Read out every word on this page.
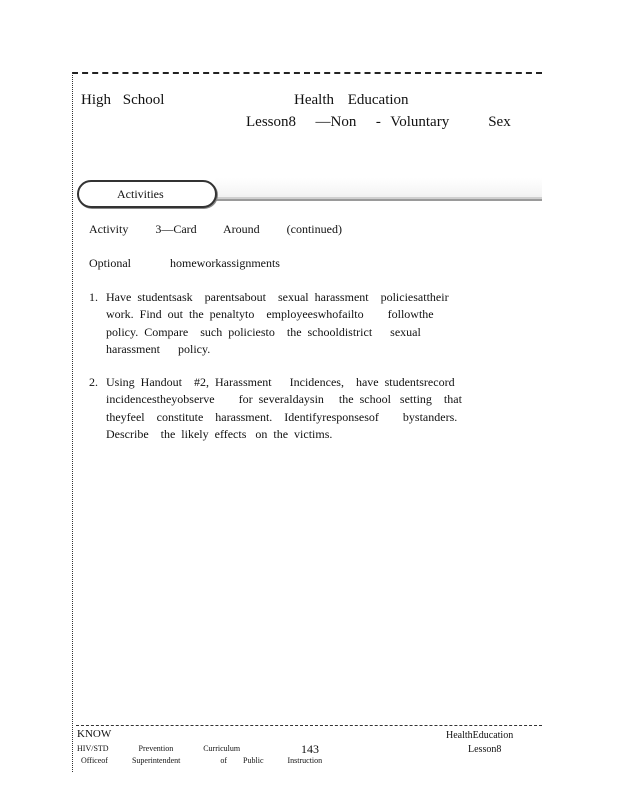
High School	Health Education
Lesson8  —Non  - Voluntary    Sex
Activities
Activity   3—Card   Around   (continued)
Optional   homeworkassignments
1. Have  studentsask    parentsabout    sexual  harassment    policiesattheir
work.  Find  out  the  penaltyto    employeeswhofailto        followthe
policy.  Compare    such  policiesto    the  schooldistrict      sexual
harassment      policy.
2. Using  Handout    #2,  Harassment      Incidences,    have  studentsrecord
incidencestheyobserve        for  severaldaysin     the  school   setting    that
theyfeel    constitute    harassment.    Identifyresponsesof        bystanders.
Describe    the  likely  effects   on  the  victims.
KNOW
HIV/STD   Prevention   Curriculum
Officeof   Superintendent     of  Public   Instruction
143
HealthEducation
Lesson8
